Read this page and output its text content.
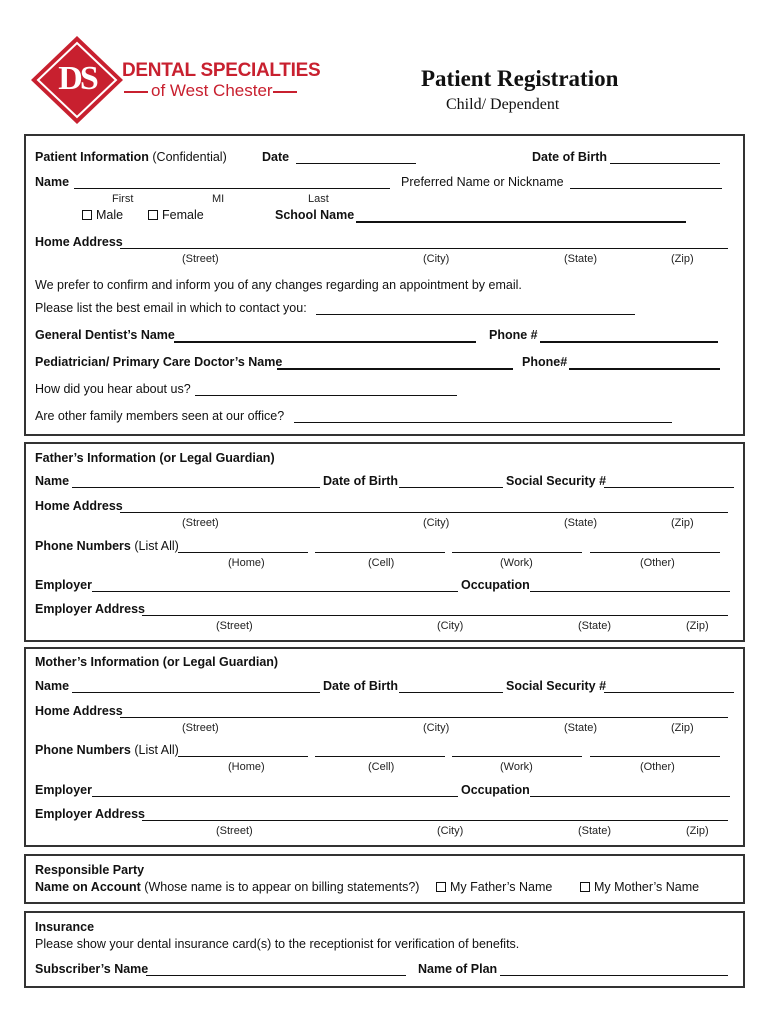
DS	DENTAL SPECIALTIES
of West Chester	Patient Registration
Child/ Dependent
Patient Information (Confidential)	Date	Date of Birth
Name	Preferred Name or Nickname
First	MI	Last
Male	Female	School Name
Home Address
(Street)	(City)	(State)	(Zip)
We prefer to confirm and inform you of any changes regarding an appointment by email.
Please list the best email in which to contact you:
General Dentist’s Name	Phone #
Pediatrician/ Primary Care Doctor’s Name	Phone#
How did you hear about us?
Are other family members seen at our office?
Father’s Information (or Legal Guardian)
Name	Date of Birth	Social Security #
Home Address
(Street)	(City)	(State)	(Zip)
Phone Numbers (List All)
(Home)	(Cell)	(Work)	(Other)
Employer	Occupation
Employer Address
(Street)	(City)	(State)	(Zip)
Mother’s Information (or Legal Guardian)
Name	Date of Birth	Social Security #
Home Address
(Street)	(City)	(State)	(Zip)
Phone Numbers (List All)
(Home)	(Cell)	(Work)	(Other)
Employer	Occupation
Employer Address
(Street)	(City)	(State)	(Zip)
Responsible Party
Name on Account (Whose name is to appear on billing statements?) My Father’s Name	My Mother’s Name
Insurance
Please show your dental insurance card(s) to the receptionist for verification of benefits.
Subscriber’s Name	Name of Plan
